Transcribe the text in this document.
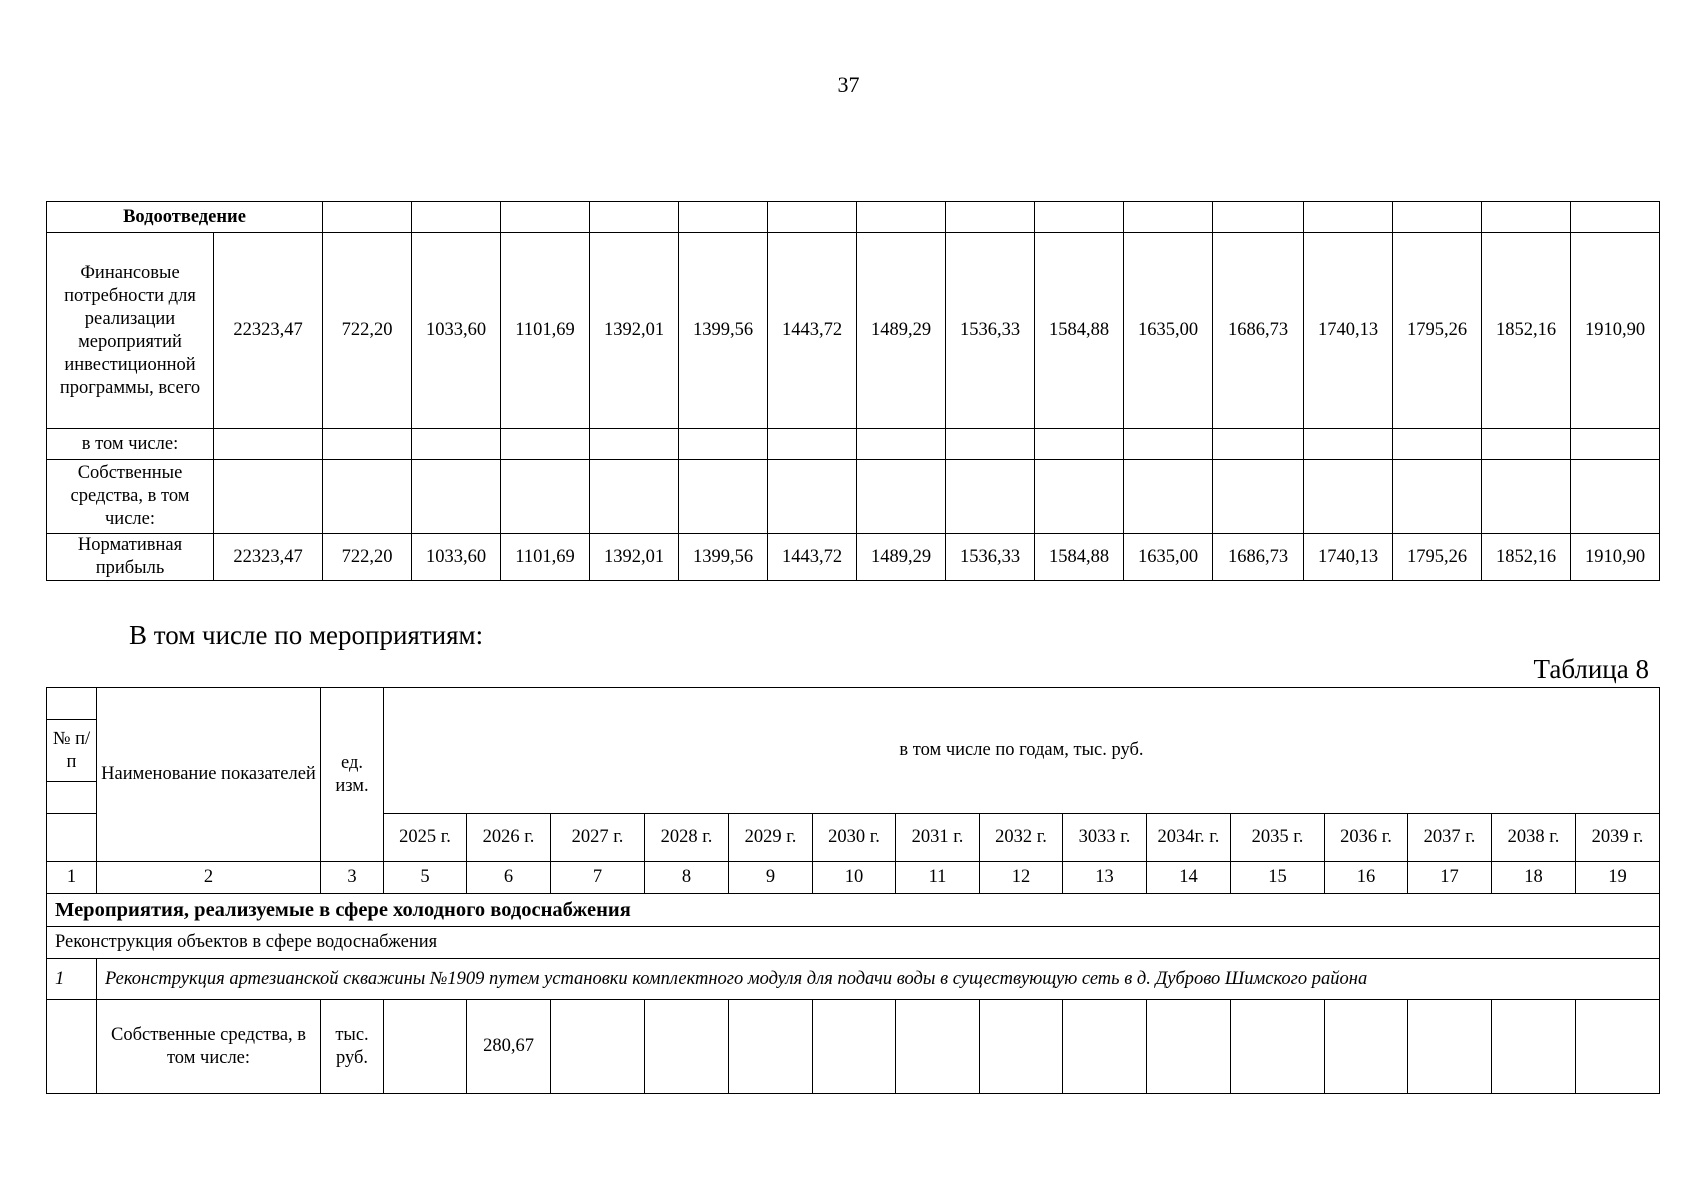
37
Водоотведение																
Финансовые потребности для реализации мероприятий инвестиционной программы, всего	22323,47	722,20	1033,60	1101,69	1392,01	1399,56	1443,72	1489,29	1536,33	1584,88	1635,00	1686,73	1740,13	1795,26	1852,16	1910,90
в том числе:																
Собственные средства, в том числе:																
Нормативная прибыль	22323,47	722,20	1033,60	1101,69	1392,01	1399,56	1443,72	1489,29	1536,33	1584,88	1635,00	1686,73	1740,13	1795,26	1852,16	1910,90
В том числе по мероприятиям:
Таблица 8
	Наименование показателей	ед. изм.	в том числе по годам, тыс. руб.														
№ п/п																	

			2025 г.	2026 г.	2027 г.	2028 г.	2029 г.	2030 г.	2031 г.	2032 г.	3033 г.	2034г. г.	2035 г.	2036 г.	2037 г.	2038 г.	2039 г.
1	2	3	5	6	7	8	9	10	11	12	13	14	15	16	17	18	19
Мероприятия, реализуемые в сфере холодного водоснабжения																	
Реконструкция объектов в сфере водоснабжения																	
1	Реконструкция артезианской скважины №1909 путем установки комплектного модуля для подачи воды в существующую сеть в д. Дуброво Шимского района																
	Собственные средства, в том числе:	тыс. руб.		280,67													
